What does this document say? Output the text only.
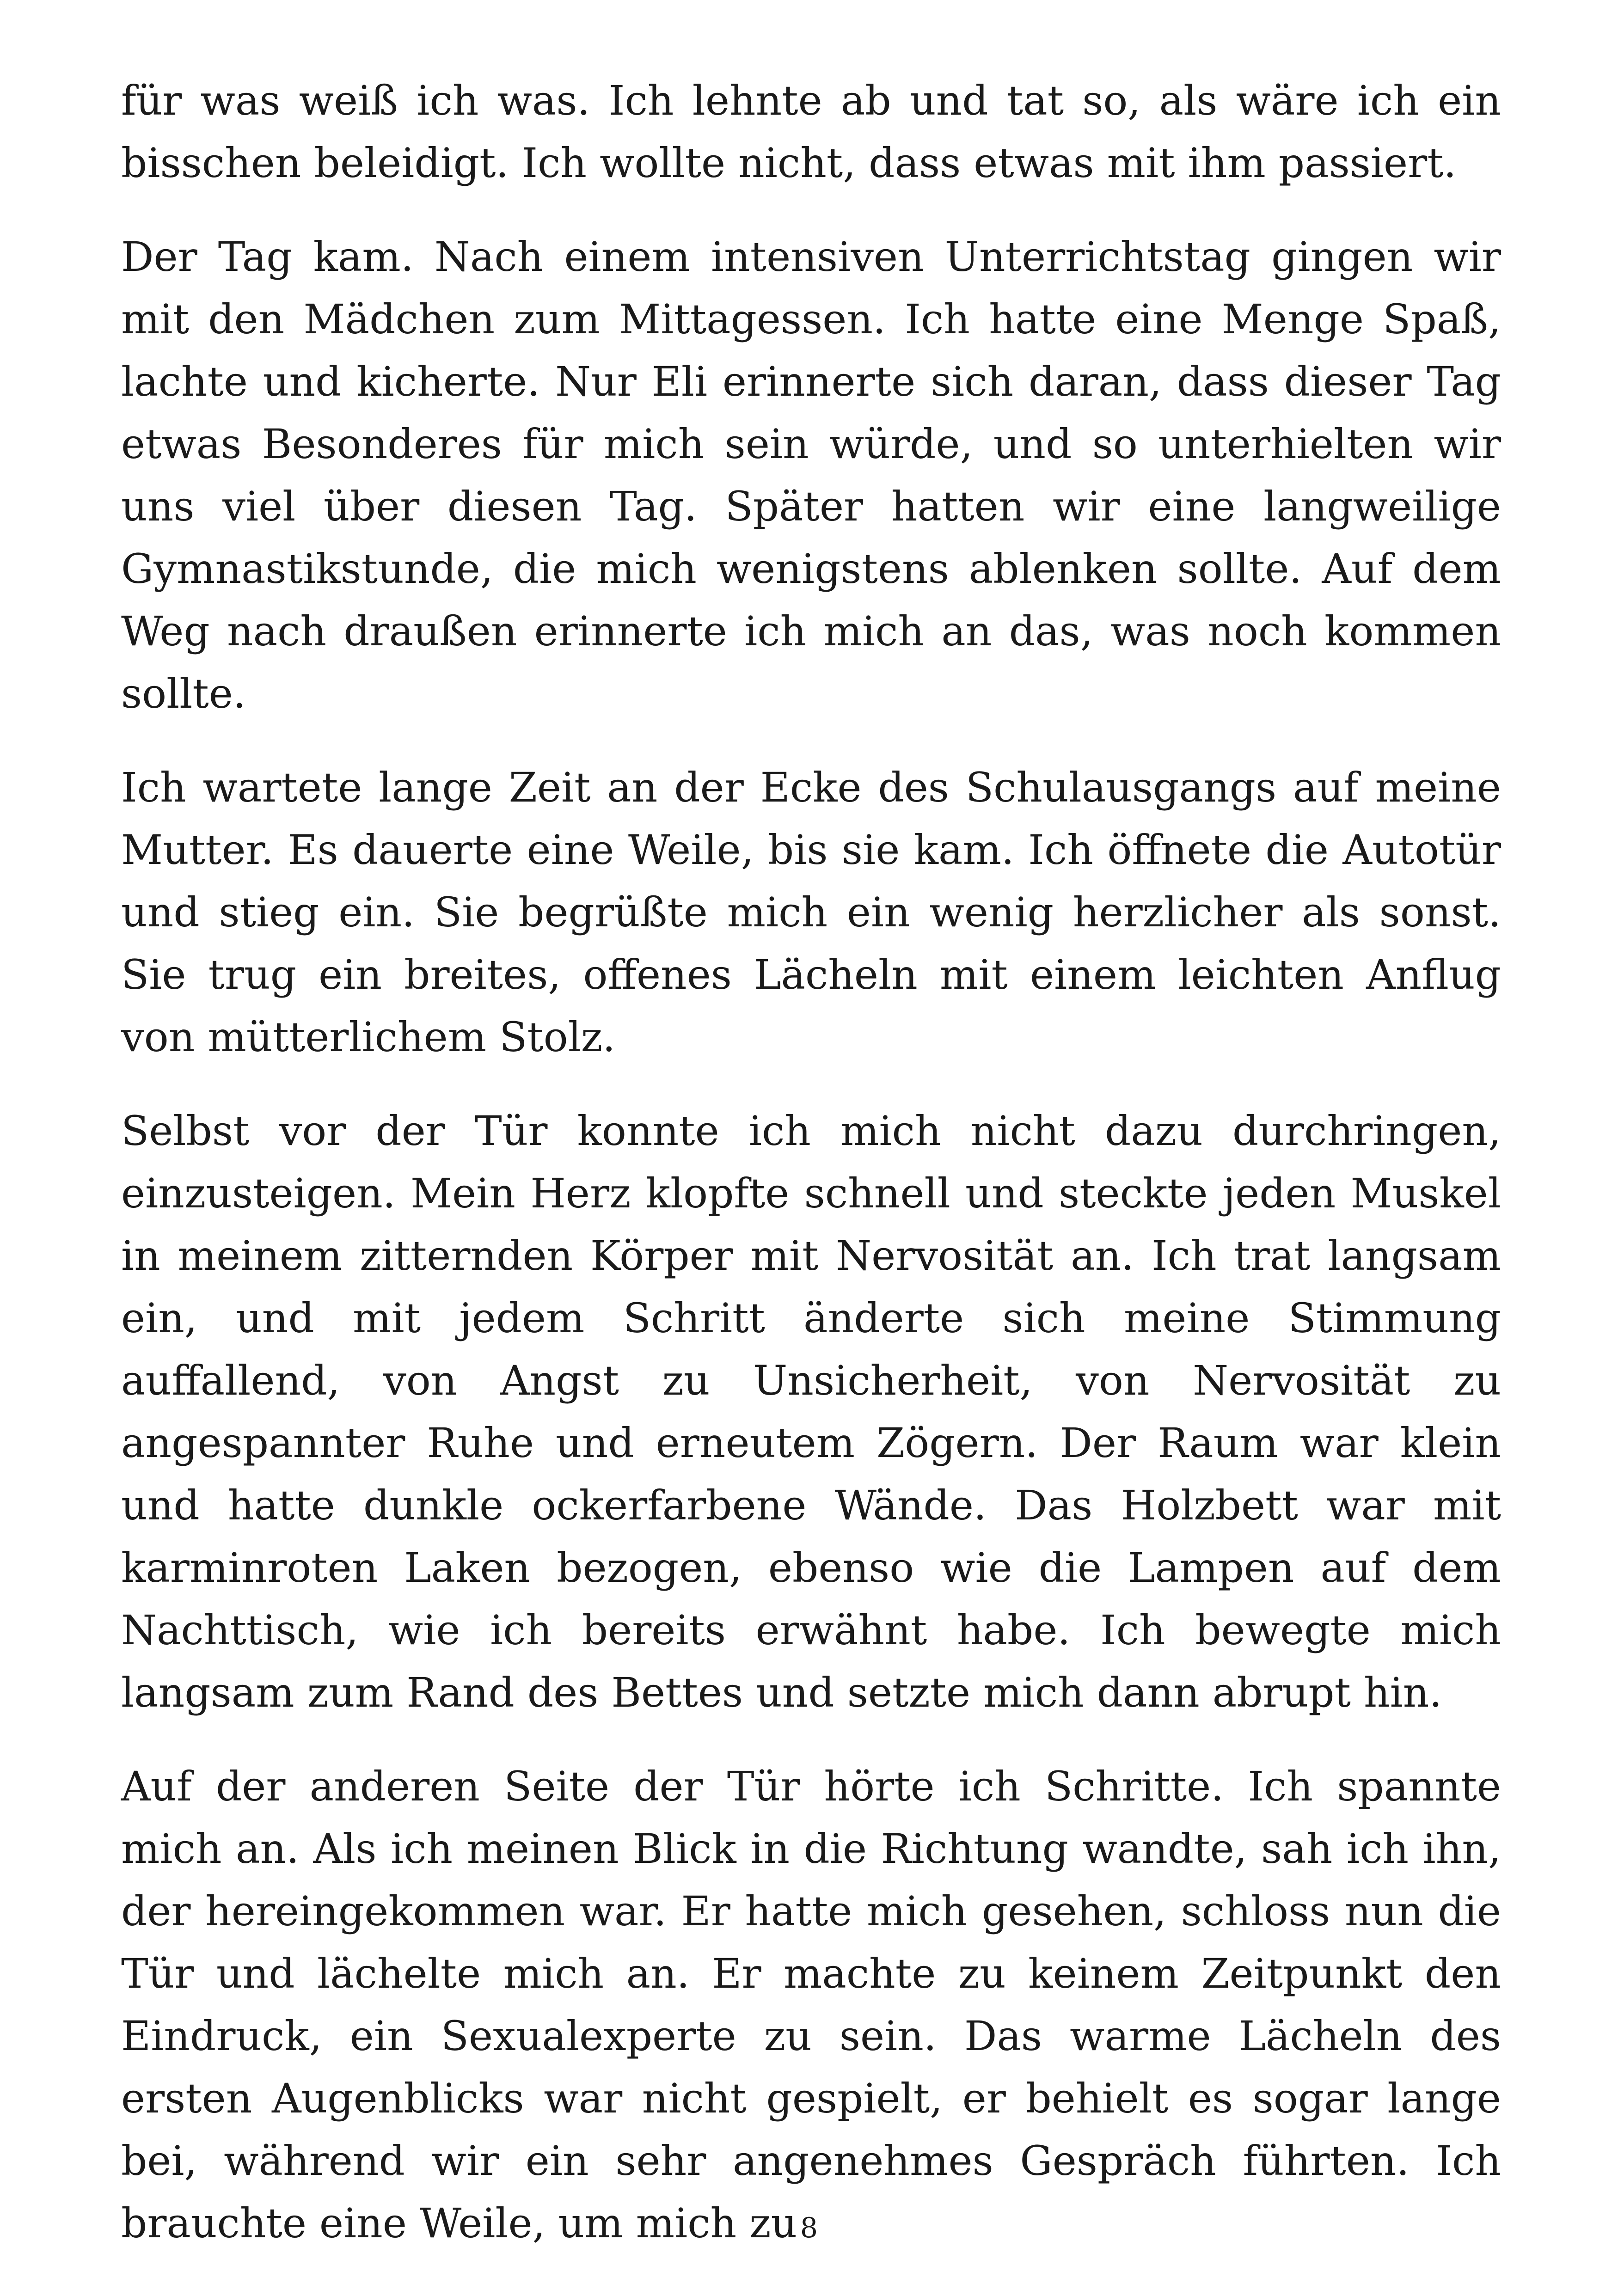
für was weiß ich was. Ich lehnte ab und tat so, als wäre ich ein bisschen beleidigt. Ich wollte nicht, dass etwas mit ihm passiert.

Der Tag kam. Nach einem intensiven Unterrichtstag gingen wir mit den Mädchen zum Mittagessen. Ich hatte eine Menge Spaß, lachte und kicherte. Nur Eli erinnerte sich daran, dass dieser Tag etwas Besonderes für mich sein würde, und so unterhielten wir uns viel über diesen Tag. Später hatten wir eine langweilige Gymnastikstunde, die mich wenigstens ablenken sollte. Auf dem Weg nach draußen erinnerte ich mich an das, was noch kommen sollte.

Ich wartete lange Zeit an der Ecke des Schulausgangs auf meine Mutter. Es dauerte eine Weile, bis sie kam. Ich öffnete die Autotür und stieg ein. Sie begrüßte mich ein wenig herzlicher als sonst. Sie trug ein breites, offenes Lächeln mit einem leichten Anflug von mütterlichem Stolz.

Selbst vor der Tür konnte ich mich nicht dazu durchringen, einzusteigen. Mein Herz klopfte schnell und steckte jeden Muskel in meinem zitternden Körper mit Nervosität an. Ich trat langsam ein, und mit jedem Schritt änderte sich meine Stimmung auffallend, von Angst zu Unsicherheit, von Nervosität zu angespannter Ruhe und erneutem Zögern. Der Raum war klein und hatte dunkle ockerfarbene Wände. Das Holzbett war mit karminroten Laken bezogen, ebenso wie die Lampen auf dem Nachttisch, wie ich bereits erwähnt habe. Ich bewegte mich langsam zum Rand des Bettes und setzte mich dann abrupt hin.

Auf der anderen Seite der Tür hörte ich Schritte. Ich spannte mich an. Als ich meinen Blick in die Richtung wandte, sah ich ihn, der hereingekommen war. Er hatte mich gesehen, schloss nun die Tür und lächelte mich an. Er machte zu keinem Zeitpunkt den Eindruck, ein Sexualexperte zu sein. Das warme Lächeln des ersten Augenblicks war nicht gespielt, er behielt es sogar lange bei, während wir ein sehr angenehmes Gespräch führten. Ich brauchte eine Weile, um mich zu 8
